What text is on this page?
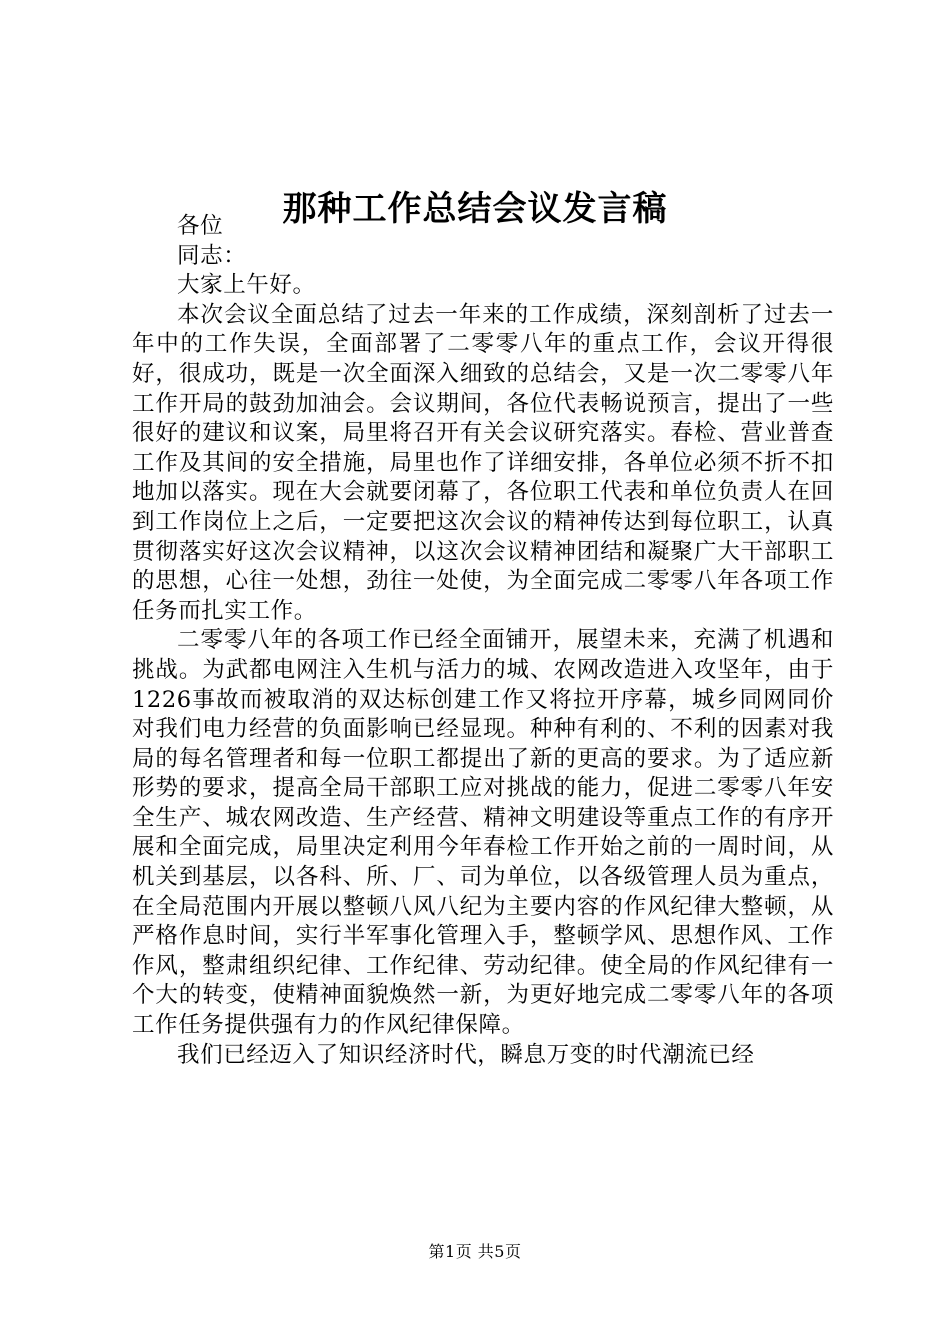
那种工作总结会议发言稿

各位

同志：

大家上午好。

本次会议全面总结了过去一年来的工作成绩，深刻剖析了过去一年中的工作失误，全面部署了二零零八年的重点工作，会议开得很好，很成功，既是一次全面深入细致的总结会，又是一次二零零八年工作开局的鼓劲加油会。会议期间，各位代表畅说预言，提出了一些很好的建议和议案，局里将召开有关会议研究落实。春检、营业普查工作及其间的安全措施，局里也作了详细安排，各单位必须不折不扣地加以落实。现在大会就要闭幕了，各位职工代表和单位负责人在回到工作岗位上之后，一定要把这次会议的精神传达到每位职工，认真贯彻落实好这次会议精神，以这次会议精神团结和凝聚广大干部职工的思想，心往一处想，劲往一处使，为全面完成二零零八年各项工作任务而扎实工作。

二零零八年的各项工作已经全面铺开，展望未来，充满了机遇和挑战。为武都电网注入生机与活力的城、农网改造进入攻坚年，由于1226事故而被取消的双达标创建工作又将拉开序幕，城乡同网同价对我们电力经营的负面影响已经显现。种种有利的、不利的因素对我局的每名管理者和每一位职工都提出了新的更高的要求。为了适应新形势的要求，提高全局干部职工应对挑战的能力，促进二零零八年安全生产、城农网改造、生产经营、精神文明建设等重点工作的有序开展和全面完成，局里决定利用今年春检工作开始之前的一周时间，从机关到基层，以各科、所、厂、司为单位，以各级管理人员为重点，在全局范围内开展以整顿八风八纪为主要内容的作风纪律大整顿，从严格作息时间，实行半军事化管理入手，整顿学风、思想作风、工作作风，整肃组织纪律、工作纪律、劳动纪律。使全局的作风纪律有一个大的转变，使精神面貌焕然一新，为更好地完成二零零八年的各项工作任务提供强有力的作风纪律保障。

我们已经迈入了知识经济时代，瞬息万变的时代潮流已经

第1页 共5页
